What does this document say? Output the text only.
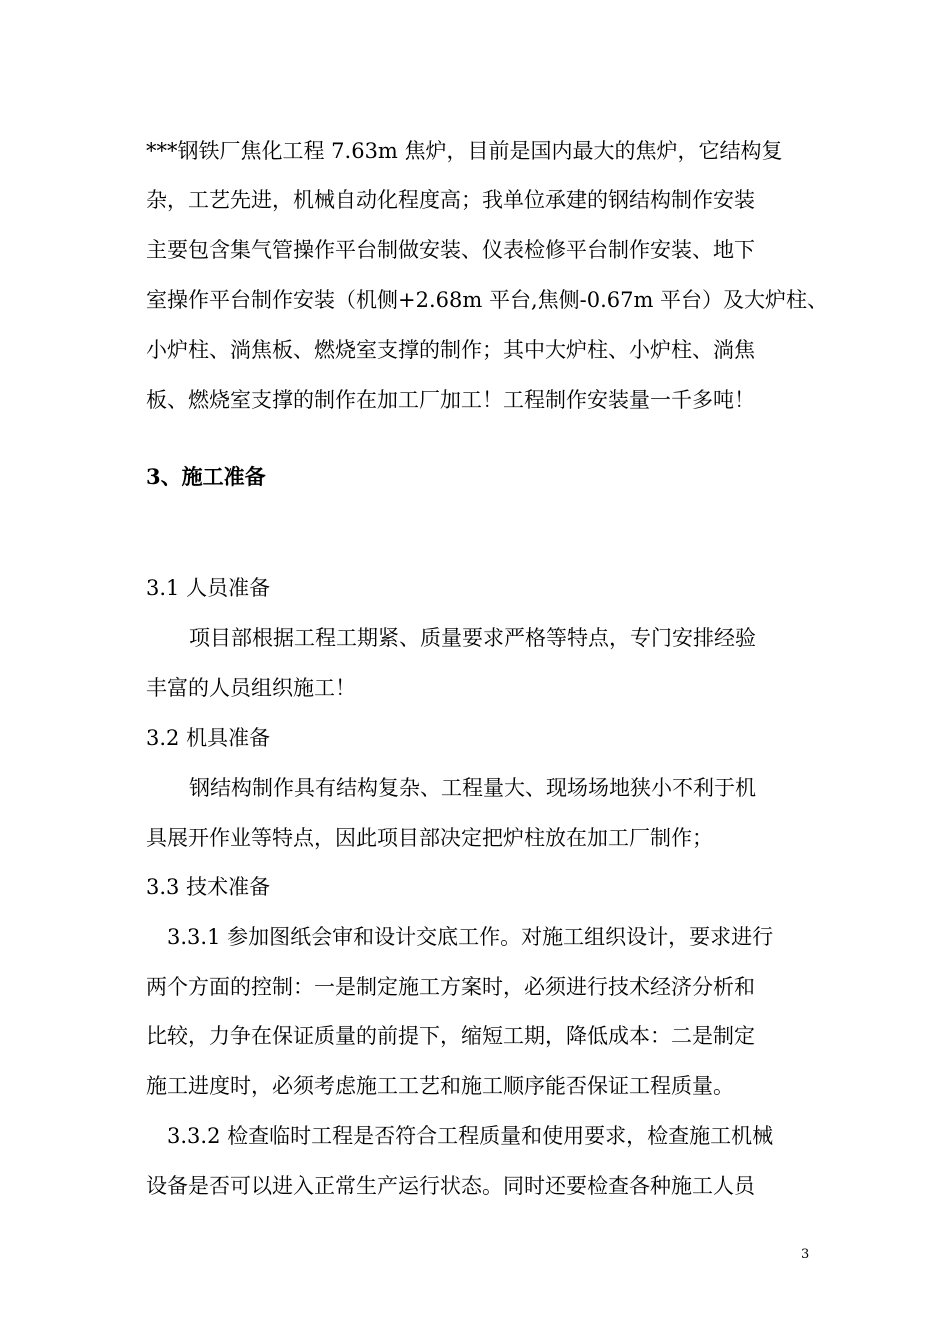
***钢铁厂焦化工程 7.63m 焦炉，目前是国内最大的焦炉，它结构复
杂，工艺先进，机械自动化程度高；我单位承建的钢结构制作安装
主要包含集气管操作平台制做安装、仪表检修平台制作安装、地下
室操作平台制作安装（机侧+2.68m 平台,焦侧-0.67m 平台）及大炉柱、
小炉柱、淌焦板、燃烧室支撑的制作；其中大炉柱、小炉柱、淌焦
板、燃烧室支撑的制作在加工厂加工！工程制作安装量一千多吨！
3、施工准备
3.1 人员准备
项目部根据工程工期紧、质量要求严格等特点，专门安排经验
丰富的人员组织施工！
3.2 机具准备
钢结构制作具有结构复杂、工程量大、现场场地狭小不利于机
具展开作业等特点，因此项目部决定把炉柱放在加工厂制作；
3.3 技术准备
3.3.1 参加图纸会审和设计交底工作。对施工组织设计，要求进行
两个方面的控制：一是制定施工方案时，必须进行技术经济分析和
比较，力争在保证质量的前提下，缩短工期，降低成本：二是制定
施工进度时，必须考虑施工工艺和施工顺序能否保证工程质量。
3.3.2 检查临时工程是否符合工程质量和使用要求，检查施工机械
设备是否可以进入正常生产运行状态。同时还要检查各种施工人员
3
